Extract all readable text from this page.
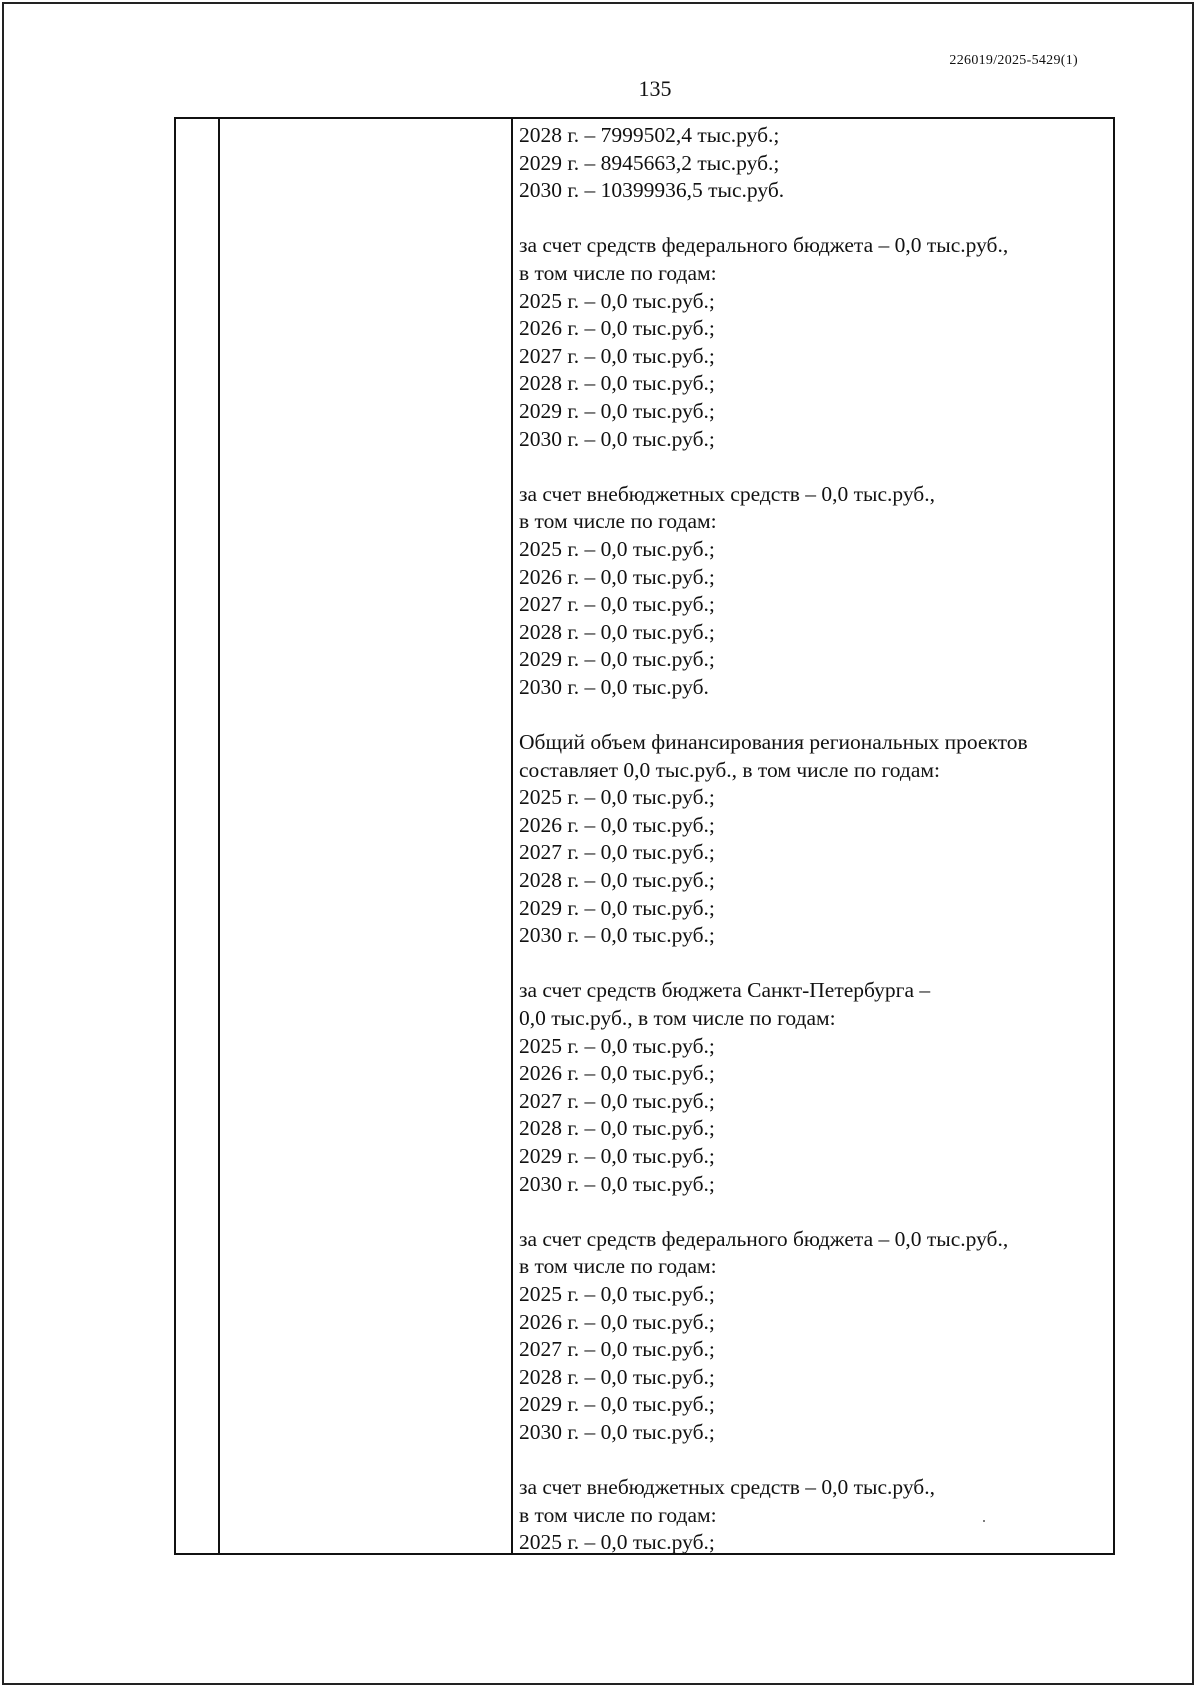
226019/2025-5429(1)
135
2028 г. – 7999502,4 тыс.руб.;
2029 г. – 8945663,2 тыс.руб.;
2030 г. – 10399936,5 тыс.руб.
за счет средств федерального бюджета – 0,0 тыс.руб.,
в том числе по годам:
2025 г. – 0,0 тыс.руб.;
2026 г. – 0,0 тыс.руб.;
2027 г. – 0,0 тыс.руб.;
2028 г. – 0,0 тыс.руб.;
2029 г. – 0,0 тыс.руб.;
2030 г. – 0,0 тыс.руб.;
за счет внебюджетных средств – 0,0 тыс.руб.,
в том числе по годам:
2025 г. – 0,0 тыс.руб.;
2026 г. – 0,0 тыс.руб.;
2027 г. – 0,0 тыс.руб.;
2028 г. – 0,0 тыс.руб.;
2029 г. – 0,0 тыс.руб.;
2030 г. – 0,0 тыс.руб.
Общий объем финансирования региональных проектов
составляет 0,0 тыс.руб., в том числе по годам:
2025 г. – 0,0 тыс.руб.;
2026 г. – 0,0 тыс.руб.;
2027 г. – 0,0 тыс.руб.;
2028 г. – 0,0 тыс.руб.;
2029 г. – 0,0 тыс.руб.;
2030 г. – 0,0 тыс.руб.;
за счет средств бюджета Санкт-Петербурга –
0,0 тыс.руб., в том числе по годам:
2025 г. – 0,0 тыс.руб.;
2026 г. – 0,0 тыс.руб.;
2027 г. – 0,0 тыс.руб.;
2028 г. – 0,0 тыс.руб.;
2029 г. – 0,0 тыс.руб.;
2030 г. – 0,0 тыс.руб.;
за счет средств федерального бюджета – 0,0 тыс.руб.,
в том числе по годам:
2025 г. – 0,0 тыс.руб.;
2026 г. – 0,0 тыс.руб.;
2027 г. – 0,0 тыс.руб.;
2028 г. – 0,0 тыс.руб.;
2029 г. – 0,0 тыс.руб.;
2030 г. – 0,0 тыс.руб.;
за счет внебюджетных средств – 0,0 тыс.руб.,
в том числе по годам:
2025 г. – 0,0 тыс.руб.;
